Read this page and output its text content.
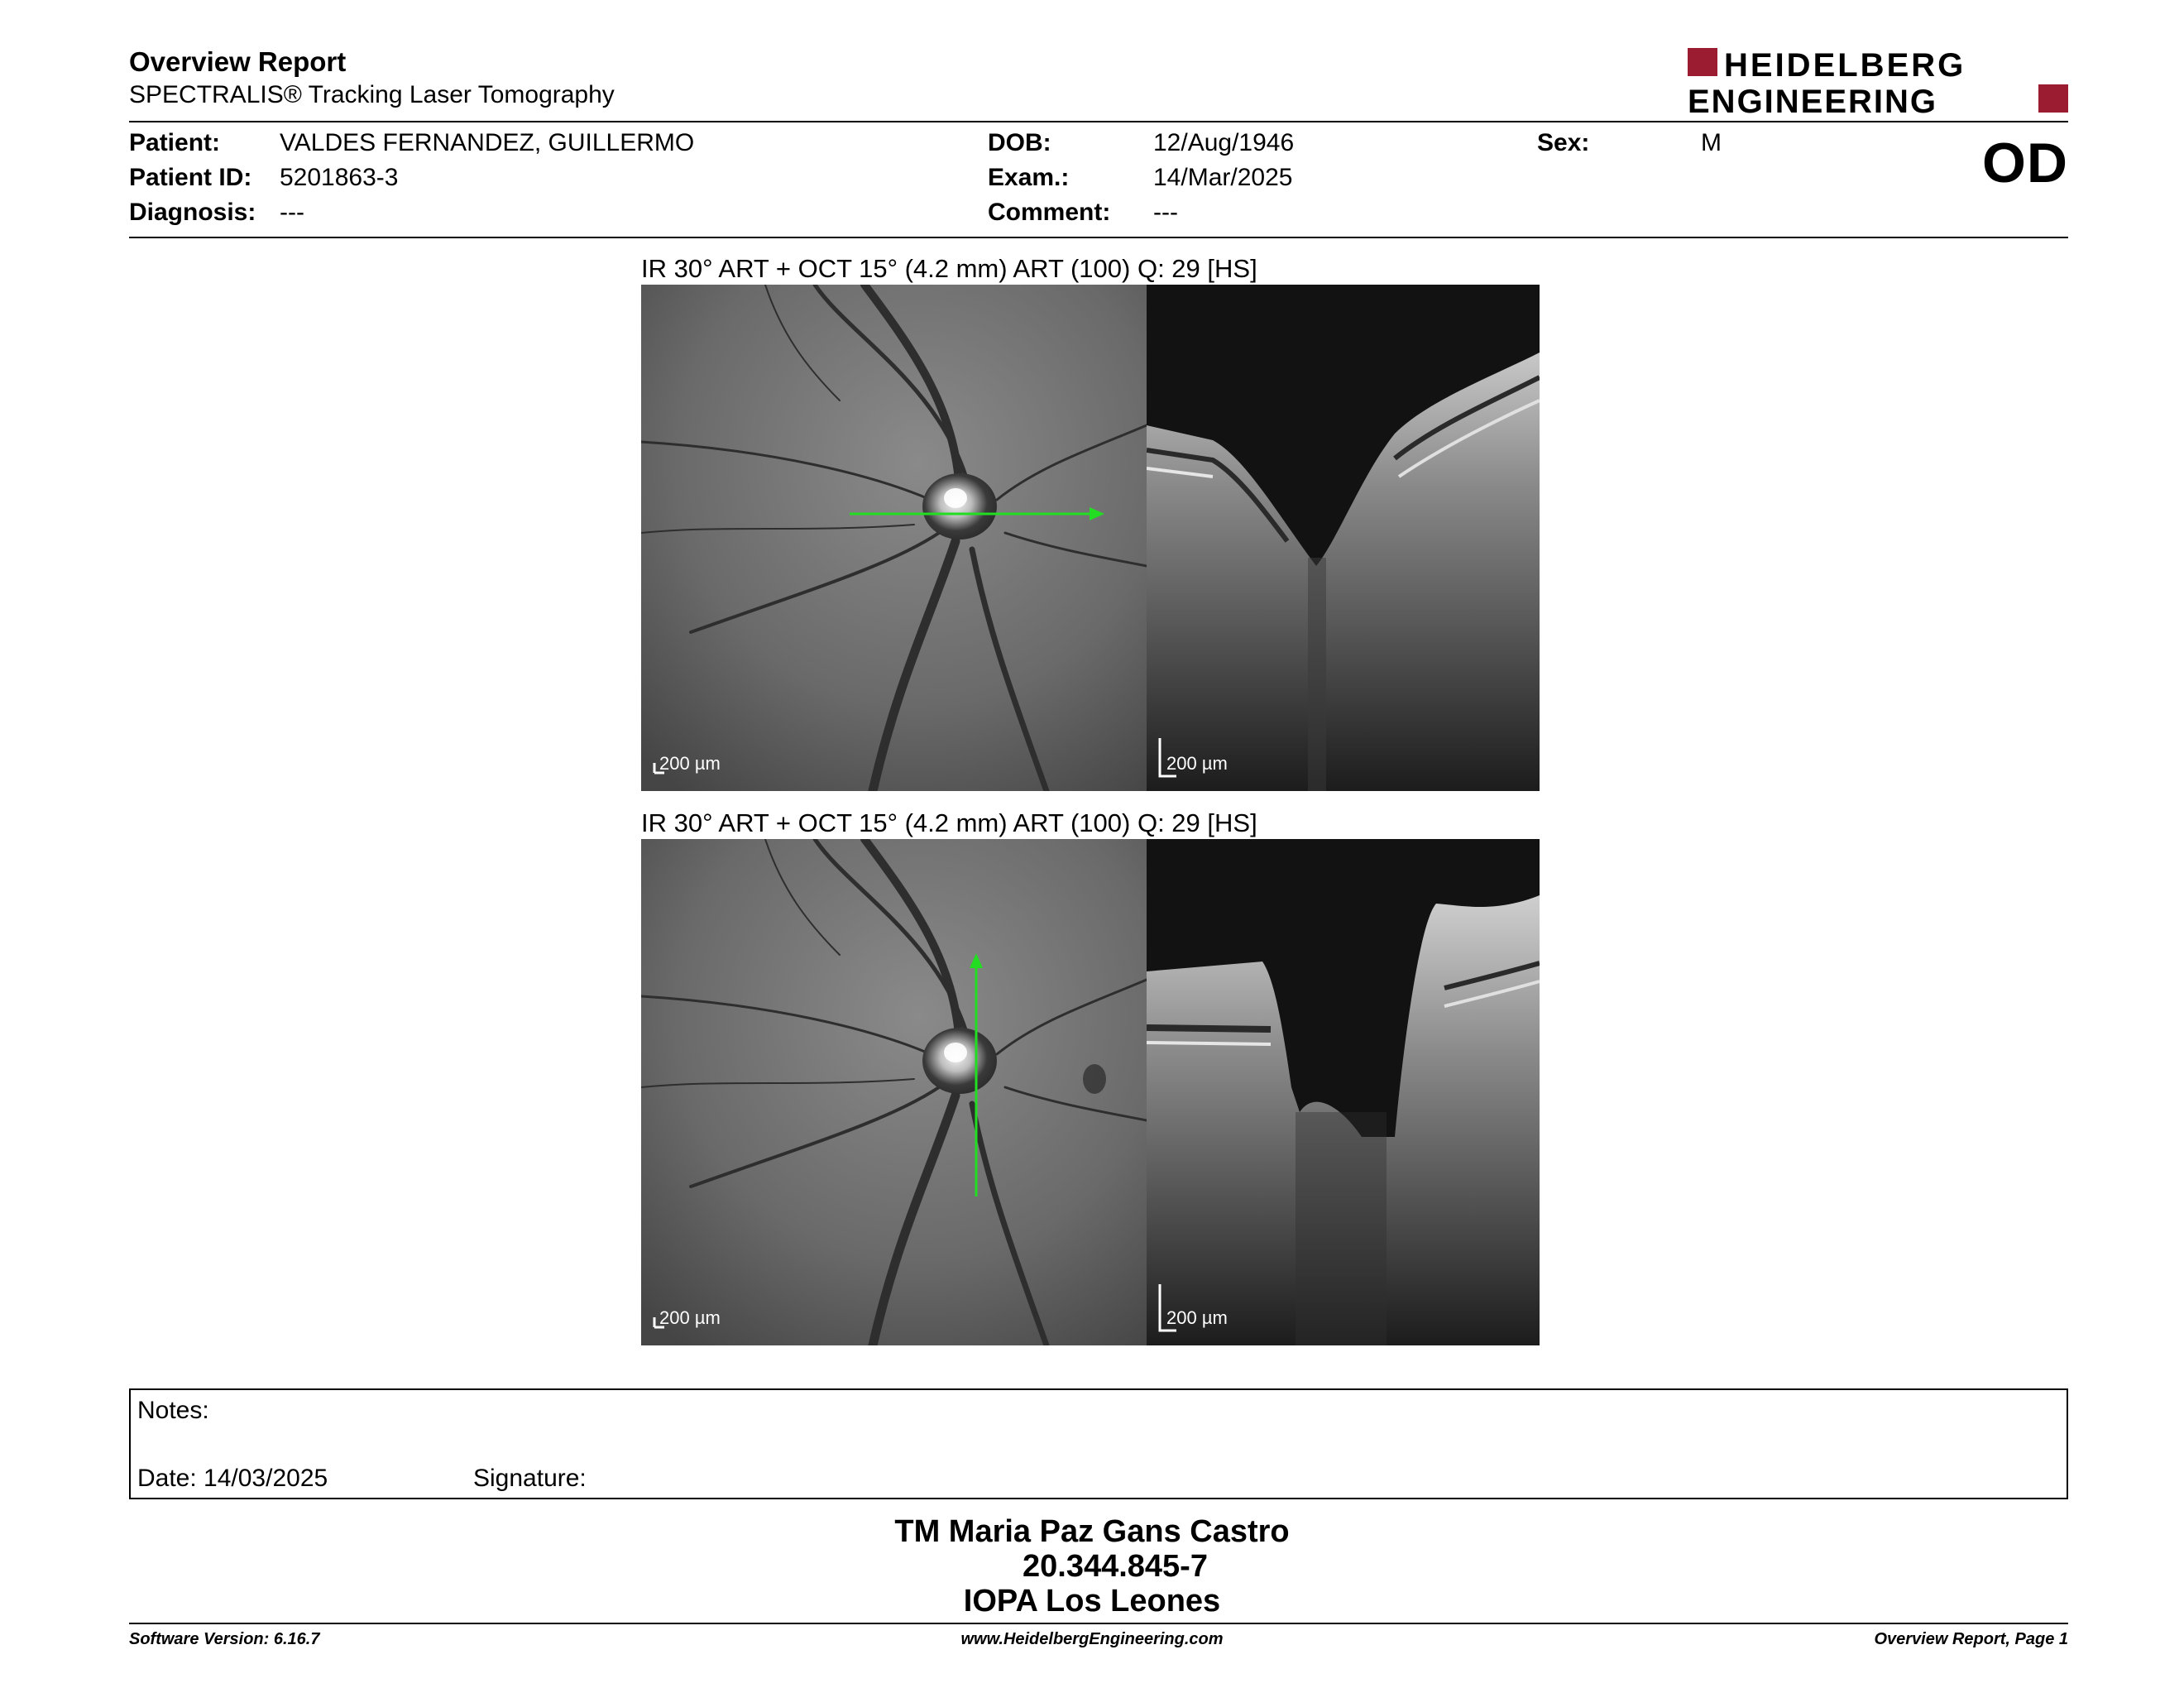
Overview Report
SPECTRALIS® Tracking Laser Tomography
HEIDELBERG
ENGINEERING
Patient: VALDES FERNANDEZ, GUILLERMO
Patient ID: 5201863-3
Diagnosis: ---
DOB:	12/Aug/1946
Exam.:	14/Mar/2025
Comment: ---
Sex:	M	OD
IR 30° ART + OCT 15° (4.2 mm) ART (100) Q: 29 [HS]
200 µm	200 µm
IR 30° ART + OCT 15° (4.2 mm) ART (100) Q: 29 [HS]
200 µm	200 µm
Notes:
Date: 14/03/2025	Signature:
TM Maria Paz Gans Castro
20.344.845-7
IOPA Los Leones
Software Version: 6.16.7	www.HeidelbergEngineering.com	Overview Report, Page 1
